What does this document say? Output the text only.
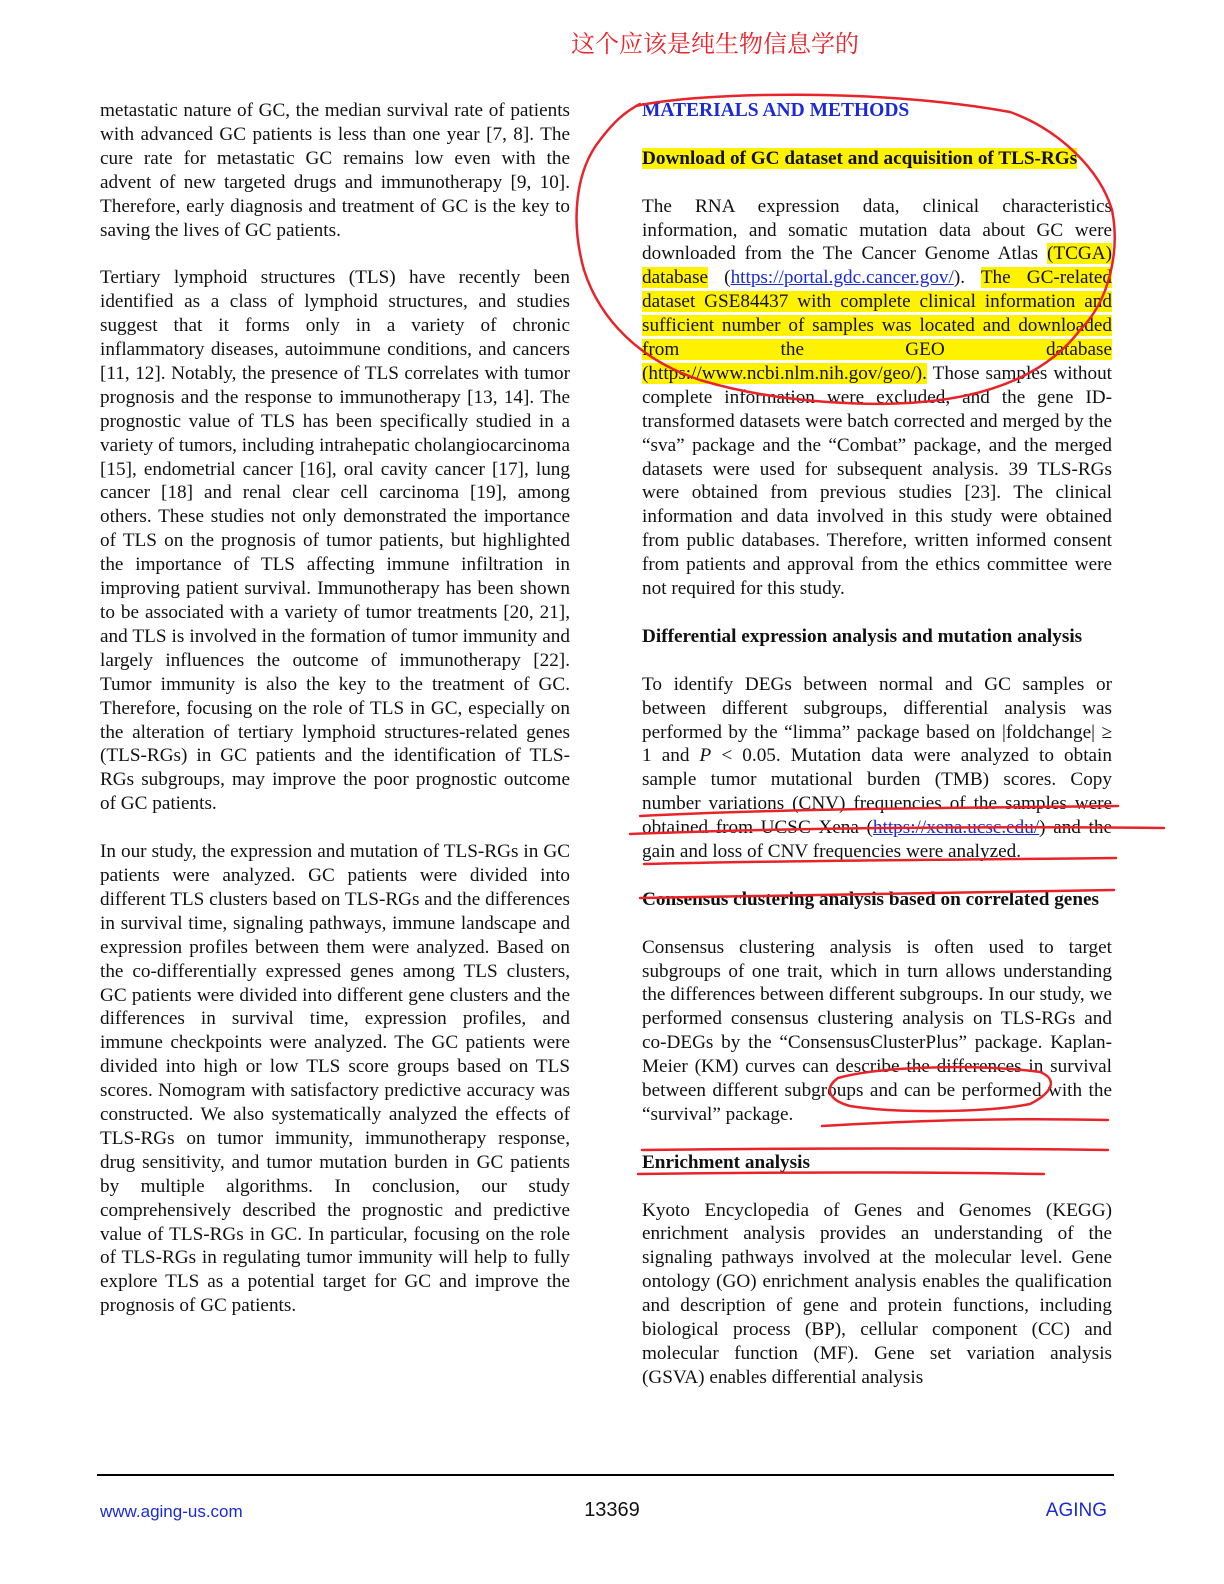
这个应该是纯生物信息学的

metastatic nature of GC, the median survival rate of patients with advanced GC patients is less than one year [7, 8]. The cure rate for metastatic GC remains low even with the advent of new targeted drugs and immunotherapy [9, 10]. Therefore, early diagnosis and treatment of GC is the key to saving the lives of GC patients.

Tertiary lymphoid structures (TLS) have recently been identified as a class of lymphoid structures, and studies suggest that it forms only in a variety of chronic inflammatory diseases, autoimmune conditions, and cancers [11, 12]. Notably, the presence of TLS correlates with tumor prognosis and the response to immunotherapy [13, 14]. The prognostic value of TLS has been specifically studied in a variety of tumors, including intrahepatic cholangiocarcinoma [15], endometrial cancer [16], oral cavity cancer [17], lung cancer [18] and renal clear cell carcinoma [19], among others. These studies not only demonstrated the importance of TLS on the prognosis of tumor patients, but highlighted the importance of TLS affecting immune infiltration in improving patient survival. Immunotherapy has been shown to be associated with a variety of tumor treatments [20, 21], and TLS is involved in the formation of tumor immunity and largely influences the outcome of immunotherapy [22]. Tumor immunity is also the key to the treatment of GC. Therefore, focusing on the role of TLS in GC, especially on the alteration of tertiary lymphoid structures-related genes (TLS-RGs) in GC patients and the identification of TLS-RGs subgroups, may improve the poor prognostic outcome of GC patients.

In our study, the expression and mutation of TLS-RGs in GC patients were analyzed. GC patients were divided into different TLS clusters based on TLS-RGs and the differences in survival time, signaling pathways, immune landscape and expression profiles between them were analyzed. Based on the co-differentially expressed genes among TLS clusters, GC patients were divided into different gene clusters and the differences in survival time, expression profiles, and immune checkpoints were analyzed. The GC patients were divided into high or low TLS score groups based on TLS scores. Nomogram with satisfactory predictive accuracy was constructed. We also systematically analyzed the effects of TLS-RGs on tumor immunity, immunotherapy response, drug sensitivity, and tumor mutation burden in GC patients by multiple algorithms. In conclusion, our study comprehensively described the prognostic and predictive value of TLS-RGs in GC. In particular, focusing on the role of TLS-RGs in regulating tumor immunity will help to fully explore TLS as a potential target for GC and improve the prognosis of GC patients.

MATERIALS AND METHODS
Download of GC dataset and acquisition of TLS-RGs

The RNA expression data, clinical characteristics information, and somatic mutation data about GC were downloaded from the The Cancer Genome Atlas (TCGA) database (https://portal.gdc.cancer.gov/). The GC-related dataset GSE84437 with complete clinical information and sufficient number of samples was located and downloaded from the GEO database (https://www.ncbi.nlm.nih.gov/geo/). Those samples without complete information were excluded, and the gene ID-transformed datasets were batch corrected and merged by the “sva” package and the “Combat” package, and the merged datasets were used for subsequent analysis. 39 TLS-RGs were obtained from previous studies [23]. The clinical information and data involved in this study were obtained from public databases. Therefore, written informed consent from patients and approval from the ethics committee were not required for this study.

Differential expression analysis and mutation analysis

To identify DEGs between normal and GC samples or between different subgroups, differential analysis was performed by the “limma” package based on |foldchange| ≥ 1 and P < 0.05. Mutation data were analyzed to obtain sample tumor mutational burden (TMB) scores. Copy number variations (CNV) frequencies of the samples were obtained from UCSC Xena (https://xena.ucsc.edu/) and the gain and loss of CNV frequencies were analyzed.

Consensus clustering analysis based on correlated genes

Consensus clustering analysis is often used to target subgroups of one trait, which in turn allows understanding the differences between different subgroups. In our study, we performed consensus clustering analysis on TLS-RGs and co-DEGs by the “ConsensusClusterPlus” package. Kaplan-Meier (KM) curves can describe the differences in survival between different subgroups and can be performed with the “survival” package.

Enrichment analysis

Kyoto Encyclopedia of Genes and Genomes (KEGG) enrichment analysis provides an understanding of the signaling pathways involved at the molecular level. Gene ontology (GO) enrichment analysis enables the qualification and description of gene and protein functions, including biological process (BP), cellular component (CC) and molecular function (MF). Gene set variation analysis (GSVA) enables differential analysis

www.aging-us.com	13369	AGING
